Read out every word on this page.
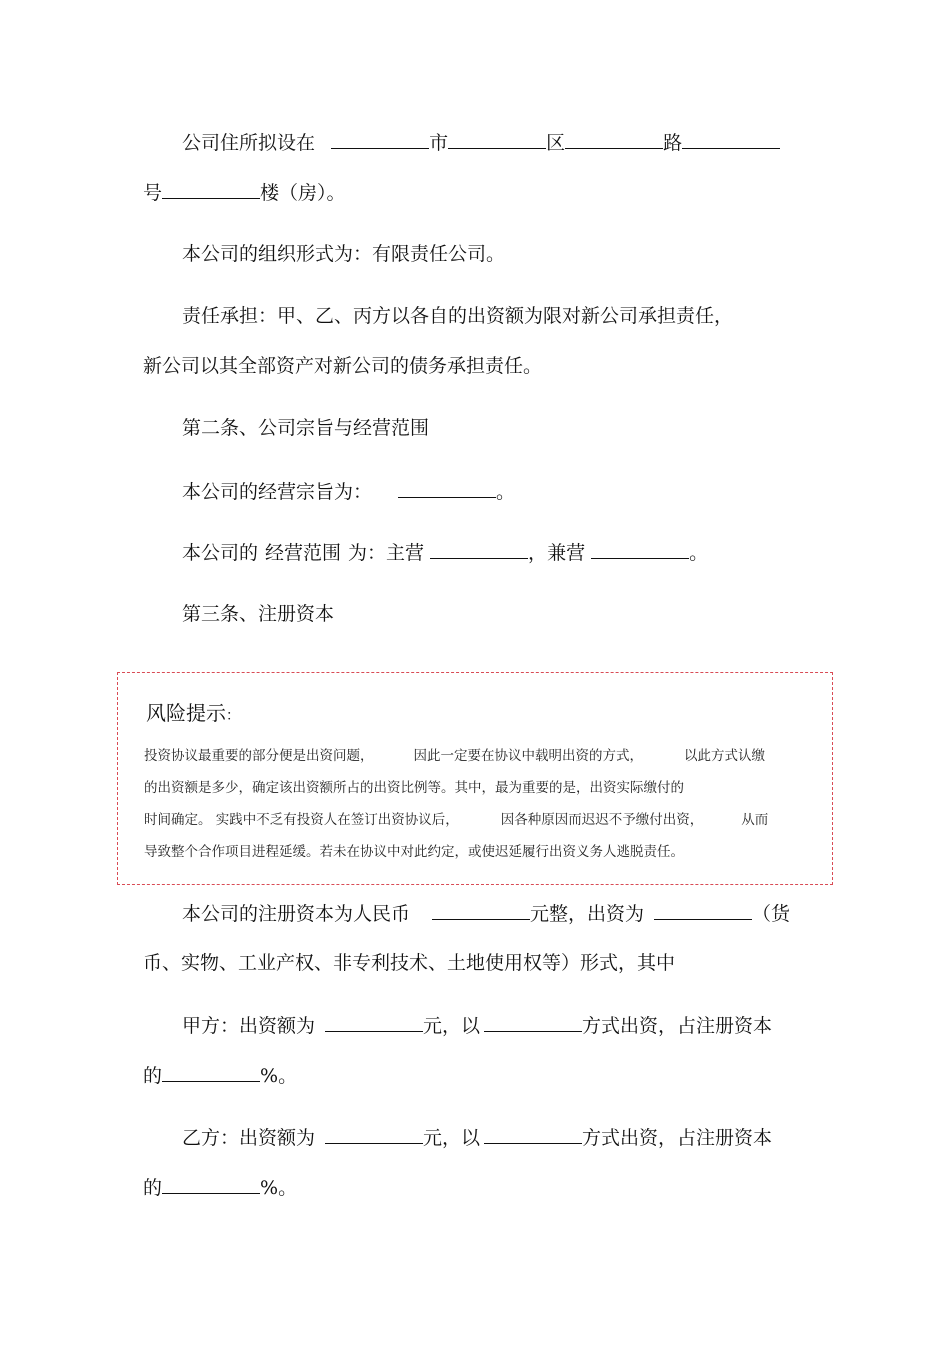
公司住所拟设在	市	区	路
号	楼（房）。
本公司的组织形式为：有限责任公司。
责任承担：甲、乙、丙方以各自的出资额为限对新公司承担责任，
新公司以其全部资产对新公司的债务承担责任。
第二条、公司宗旨与经营范围
本公司的经营宗旨为：	。
本公司的 经营范围 为：主营	，兼营	。
第三条、注册资本
风险提示：
投资协议最重要的部分便是出资问题，	因此一定要在协议中载明出资的方式，	以此方式认缴
的出资额是多少，确定该出资额所占的出资比例等。其中，最为重要的是，出资实际缴付的
时间确定。 实践中不乏有投资人在签订出资协议后，	因各种原因而迟迟不予缴付出资，	从而
导致整个合作项目进程延缓。若未在协议中对此约定，或使迟延履行出资义务人逃脱责任。
本公司的注册资本为人民币	元整，出资为	（货
币、实物、工业产权、非专利技术、土地使用权等）形式，其中
甲方：出资额为	元，以	方式出资，占注册资本
的	%。
乙方：出资额为	元，以	方式出资，占注册资本
的	%。
